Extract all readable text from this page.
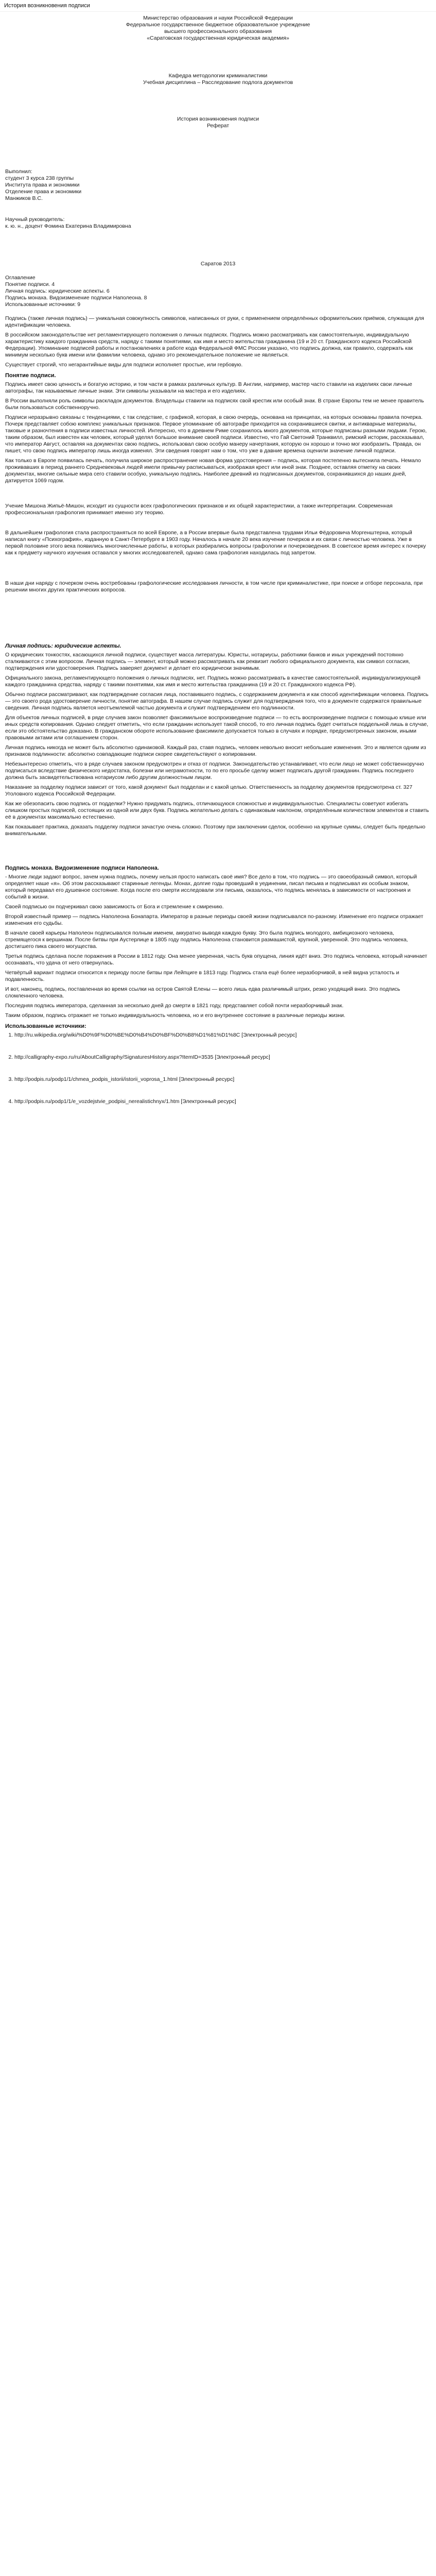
История возникновения подписи

Министерство образования и науки Российской Федерации

Федеральное государственное бюджетное образовательное учреждение

высшего профессионального образования

«Саратовская государственная юридическая академия»

Кафедра методологии криминалистики

Учебная дисциплина – Расследование подлога документов

История возникновения подписи

Реферат

Выполнил:

студент 3 курса 238 группы

Института права и экономики

Отделение права и экономики

Манжиков В.С.

Научный руководитель:

к. ю. н., доцент Фомина Екатерина Владимировна

Саратов 2013

Оглавление

Понятие подписи. 4

Личная подпись: юридические аспекты. 6

Подпись монаха. Видоизменение подписи Наполеона. 8

Использованные источники: 9

Подпись (также личная подпись) — уникальная совокупность символов, написанных от руки, с применением определённых оформительских приёмов, служащая для идентификации человека.

В российском законодательстве нет регламентирующего положения о личных подписях. Подпись можно рассматривать как самостоятельную, индивидуальную характеристику каждого гражданина средств, наряду с такими понятиями, как имя и место жительства гражданина (19 и 20 ст. Гражданского кодекса Российской Федерации). Упоминание подписей работы и постановлениях в работе кода Федеральной ФМС России указано, что подпись должна, как правило, содержать как минимум несколько букв имени или фамилии человека, однако это рекомендательное положение не являеться.

Существует строгий, что негарантийные виды для подписи исполняет простые, или гербовую.

Понятие подписи.

Подпись имеет свою ценность и богатую историю, и том части в рамках различных культур. В Англии, например, мастер часто ставили на изделиях свои личные автографы, так называемые личные знаки. Эти символы указывали на мастера и его изделиях.

В России выполняли роль символы раскладок документов. Владельцы ставили на подписях свой крестик или особый знак. В стране Европы тем не менее правитель были пользоваться собственноручно.

Подписи неразрывно связаны с тенденциями, с так следствие, с графикой, которая, в свою очередь, основана на принципах, на которых основаны правила почерка. Почерк представляет собою комплекс уникальных признаков. Первое упоминание об автографе приходится на сохранившиеся свитки, и антикварные материалы, таковые и разночтения в подписи известных личностей. Интересно, что в древнем Риме сохранилось много документов, которые подписаны разными людьми. Герою, таким образом, был известен как человек, который уделял большое внимание своей подписи. Известно, что Гай Светоний Транквилл, римский историк, рассказывал, что император Август, оставляя на документах свою подпись, использовал свою особую манеру начертания, которую он хорошо и точно мог изобразить. Правда, он пишет, что свою подпись император лишь иногда изменял. Эти сведения говорят нам о том, что уже в давние времена оценили значение личной подписи.

Как только в Европе появилась печать, получила широкое распространение новая форма удостоверения – подпись, которая постепенно вытеснила печать. Немало проживавших в период раннего Средневековья людей имели привычку расписываться, изображая крест или иной знак. Позднее, оставляя отметку на своих документах, многие сильные мира сего ставили особую, уникальную подпись. Наиболее древний из подписанных документов, сохранившихся до наших дней, датируется 1069 годом.

Учение Мишона Жипьё-Мишон, исходит из сущности всех графологических признаков и их общей характеристики, а также интерпретации. Современная профессиональная графология принимает именно эту теорию.

В дальнейшем графология стала распространяться по всей Европе, а в России впервые была представлена трудами Ильи Фёдоровича Моргенштерна, который написал книгу «Психография», изданную в Санкт-Петербурге в 1903 году. Началось в начале 20 века изучение почерков и их связи с личностью человека. Уже в первой половине этого века появились многочисленные работы, в которых разбирались вопросы графологии и почерковедения. В советское время интерес к почерку как к предмету научного изучения оставался у многих исследователей, однако сама графология находилась под запретом.

В наши дни наряду с почерком очень востребованы графологические исследования личности, в том числе при криминалистике, при поиске и отборе персонала, при решении многих других практических вопросов.

Личная подпись: юридические аспекты.

О юридических тонкостях, касающихся личной подписи, существует масса литературы. Юристы, нотариусы, работники банков и иных учреждений постоянно сталкиваются с этим вопросом. Личная подпись — элемент, который можно рассматривать как реквизит любого официального документа, как символ согласия, подтверждения или удостоверения. Подпись заверяет документ и делает его юридически значимым.

Официального закона, регламентирующего положения о личных подписях, нет. Подпись можно рассматривать в качестве самостоятельной, индивидуализирующей каждого гражданина средства, наряду с такими понятиями, как имя и место жительства гражданина (19 и 20 ст. Гражданского кодекса РФ).

Обычно подписи рассматривают, как подтверждение согласия лица, поставившего подпись, с содержанием документа и как способ идентификации человека. Подпись — это своего рода удостоверение личности, понятие автографа. В нашем случае подпись служит для подтверждения того, что в документе содержатся правильные сведения. Личная подпись является неотъемлемой частью документа и служит подтверждением его подлинности.

Для объектов личных подписей, в ряде случаев закон позволяет факсимильное воспроизведение подписи — то есть воспроизведение подписи с помощью клише или иных средств копирования. Однако следует отметить, что если гражданин использует такой способ, то его личная подпись будет считаться поддельной лишь в случае, если это обстоятельство доказано. В гражданском обороте использование факсимиле допускается только в случаях и порядке, предусмотренных законом, иными правовыми актами или соглашением сторон.

Личная подпись никогда не может быть абсолютно одинаковой. Каждый раз, ставя подпись, человек невольно вносит небольшие изменения. Это и является одним из признаков подлинности: абсолютно совпадающие подписи скорее свидетельствуют о копировании.

Небезынтересно отметить, что в ряде случаев законом предусмотрен и отказ от подписи. Законодательство устанавливает, что если лицо не может собственноручно подписаться вследствие физического недостатка, болезни или неграмотности, то по его просьбе сделку может подписать другой гражданин. Подпись последнего должна быть засвидетельствована нотариусом либо другим должностным лицом.

Наказание за подделку подписи зависит от того, какой документ был подделан и с какой целью. Ответственность за подделку документов предусмотрена ст. 327 Уголовного кодекса Российской Федерации.

Как же обезопасить свою подпись от подделки? Нужно придумать подпись, отличающуюся сложностью и индивидуальностью. Специалисты советуют избегать слишком простых подписей, состоящих из одной или двух букв. Подпись желательно делать с одинаковым наклоном, определённым количеством элементов и ставить её в документах максимально естественно.

Как показывает практика, доказать подделку подписи зачастую очень сложно. Поэтому при заключении сделок, особенно на крупные суммы, следует быть предельно внимательными.

Подпись монаха. Видоизменение подписи Наполеона.

- Многие люди задают вопрос, зачем нужна подпись, почему нельзя просто написать своё имя? Все дело в том, что подпись — это своеобразный символ, который определяет наше «я». Об этом рассказывают старинные легенды. Монах, долгие годы проведший в уединении, писал письма и подписывал их особым знаком, который передавал его душевное состояние. Когда после его смерти исследовали эти письма, оказалось, что подпись менялась в зависимости от настроения и событий в жизни.

Своей подписью он подчеркивал свою зависимость от Бога и стремление к смирению.

Второй известный пример — подпись Наполеона Бонапарта. Император в разные периоды своей жизни подписывался по-разному. Изменение его подписи отражает изменения его судьбы.

В начале своей карьеры Наполеон подписывался полным именем, аккуратно выводя каждую букву. Это была подпись молодого, амбициозного человека, стремящегося к вершинам. После битвы при Аустерлице в 1805 году подпись Наполеона становится размашистой, крупной, уверенной. Это подпись человека, достигшего пика своего могущества.

Третья подпись сделана после поражения в России в 1812 году. Она менее уверенная, часть букв опущена, линия идёт вниз. Это подпись человека, который начинает осознавать, что удача от него отвернулась.

Четвёртый вариант подписи относится к периоду после битвы при Лейпциге в 1813 году. Подпись стала ещё более неразборчивой, в ней видна усталость и подавленность.

И вот, наконец, подпись, поставленная во время ссылки на остров Святой Елены — всего лишь едва различимый штрих, резко уходящий вниз. Это подпись сломленного человека.

Последняя подпись императора, сделанная за несколько дней до смерти в 1821 году, представляет собой почти неразборчивый знак.

Таким образом, подпись отражает не только индивидуальность человека, но и его внутреннее состояние в различные периоды жизни.

Использованные источники:
1. http://ru.wikipedia.org/wiki/%D0%9F%D0%BE%D0%B4%D0%BF%D0%B8%D1%81%D1%8C [Электронный ресурс]
2. http://calligraphy-expo.ru/ru/AboutCalligraphy/SignaturesHistory.aspx?ItemID=3535 [Электронный ресурс]
3. http://podpis.ru/podp1/1/chmea_podpis_istorii/istorii_voprosa_1.html [Электронный ресурс]
4. http://podpis.ru/podp1/1/e_vozdejstvie_podpisi_nerealistichnyx/1.htm [Электронный ресурс]
